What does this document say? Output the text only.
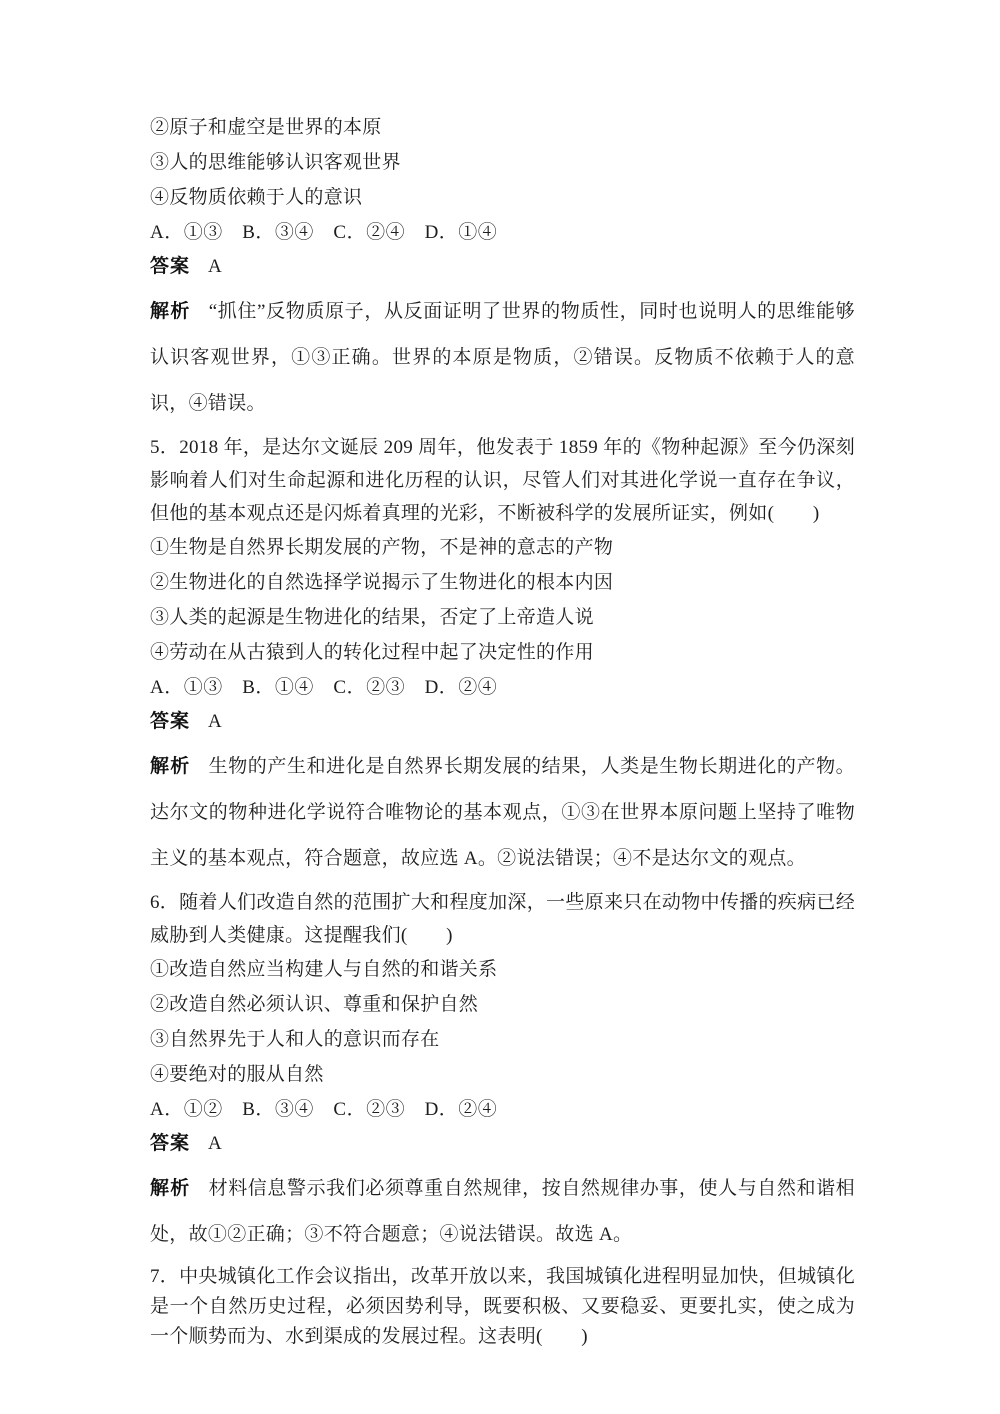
②原子和虚空是世界的本原

③人的思维能够认识客观世界

④反物质依赖于人的意识

A．①③　B．③④　C．②④　D．①④

答案 A

解析 “抓住”反物质原子，从反面证明了世界的物质性，同时也说明人的思维能够认识客观世界，①③正确。世界的本原是物质，②错误。反物质不依赖于人的意识，④错误。

5．2018 年，是达尔文诞辰 209 周年，他发表于 1859 年的《物种起源》至今仍深刻影响着人们对生命起源和进化历程的认识，尽管人们对其进化学说一直存在争议，但他的基本观点还是闪烁着真理的光彩，不断被科学的发展所证实，例如(　　)

①生物是自然界长期发展的产物，不是神的意志的产物

②生物进化的自然选择学说揭示了生物进化的根本内因

③人类的起源是生物进化的结果，否定了上帝造人说

④劳动在从古猿到人的转化过程中起了决定性的作用

A．①③　B．①④　C．②③　D．②④

答案 A

解析 生物的产生和进化是自然界长期发展的结果，人类是生物长期进化的产物。达尔文的物种进化学说符合唯物论的基本观点，①③在世界本原问题上坚持了唯物主义的基本观点，符合题意，故应选 A。②说法错误；④不是达尔文的观点。

6．随着人们改造自然的范围扩大和程度加深，一些原来只在动物中传播的疾病已经威胁到人类健康。这提醒我们(　　)

①改造自然应当构建人与自然的和谐关系

②改造自然必须认识、尊重和保护自然

③自然界先于人和人的意识而存在

④要绝对的服从自然

A．①②　B．③④　C．②③　D．②④

答案 A

解析 材料信息警示我们必须尊重自然规律，按自然规律办事，使人与自然和谐相处，故①②正确；③不符合题意；④说法错误。故选 A。

7．中央城镇化工作会议指出，改革开放以来，我国城镇化进程明显加快，但城镇化是一个自然历史过程，必须因势利导，既要积极、又要稳妥、更要扎实，使之成为一个顺势而为、水到渠成的发展过程。这表明(　　)
